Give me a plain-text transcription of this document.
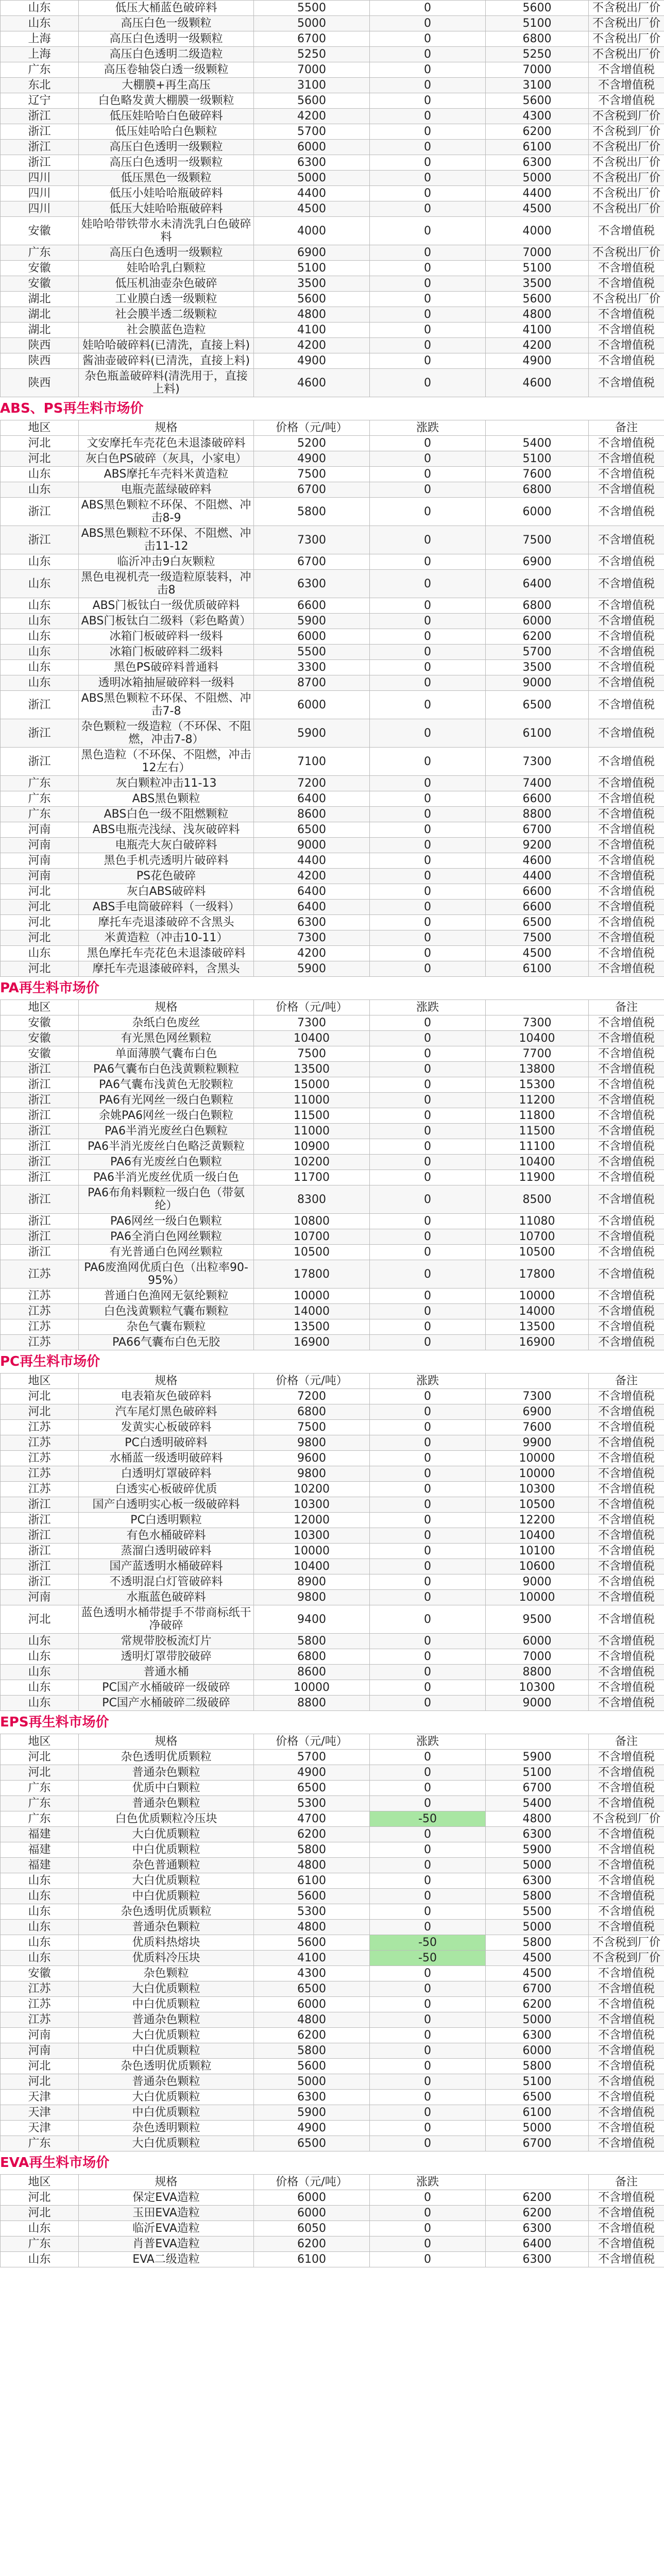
山东	低压大桶蓝色破碎料	5500	0	5600	不含税出厂价
山东	高压白色一级颗粒	5000	0	5100	不含税出厂价
上海	高压白色透明一级颗粒	6700	0	6800	不含税出厂价
上海	高压白色透明二级造粒	5250	0	5250	不含税出厂价
广东	高压卷轴袋白透一级颗粒	7000	0	7000	不含增值税
东北	大棚膜+再生高压	3100	0	3100	不含增值税
辽宁	白色略发黄大棚膜一级颗粒	5600	0	5600	不含增值税
浙江	低压娃哈哈白色破碎料	4200	0	4300	不含税到厂价
浙江	低压娃哈哈白色颗粒	5700	0	6200	不含税到厂价
浙江	高压白色透明一级颗粒	6000	0	6100	不含税出厂价
浙江	高压白色透明一级颗粒	6300	0	6300	不含税出厂价
四川	低压黑色一级颗粒	5000	0	5000	不含税出厂价
四川	低压小娃哈哈瓶破碎料	4400	0	4400	不含税出厂价
四川	低压大娃哈哈瓶破碎料	4500	0	4500	不含税出厂价
安徽	娃哈哈带铁带水未清洗乳白色破碎料	4000	0	4000	不含增值税
广东	高压白色透明一级颗粒	6900	0	7000	不含税出厂价
安徽	娃哈哈乳白颗粒	5100	0	5100	不含增值税
安徽	低压机油壶杂色破碎	3500	0	3500	不含增值税
湖北	工业膜白透一级颗粒	5600	0	5600	不含税出厂价
湖北	社会膜半透二级颗粒	4800	0	4800	不含增值税
湖北	社会膜蓝色造粒	4100	0	4100	不含增值税
陕西	娃哈哈破碎料(已清洗，直接上料)	4200	0	4200	不含增值税
陕西	酱油壶破碎料(已清洗，直接上料)	4900	0	4900	不含增值税
陕西	杂色瓶盖破碎料(清洗用于，直接上料)	4600	0	4600	不含增值税
ABS、PS再生料市场价
地区	规格	价格（元/吨）	涨跌		备注
河北	文安摩托车壳花色未退漆破碎料	5200	0	5400	不含增值税
河北	灰白色PS破碎（灰具，小家电）	4900	0	5100	不含增值税
山东	ABS摩托车壳料米黄造粒	7500	0	7600	不含增值税
山东	电瓶壳蓝绿破碎料	6700	0	6800	不含增值税
浙江	ABS黑色颗粒不环保、不阻燃、冲击8-9	5800	0	6000	不含增值税
浙江	ABS黑色颗粒不环保、不阻燃、冲击11-12	7300	0	7500	不含增值税
山东	临沂冲击9白灰颗粒	6700	0	6900	不含增值税
山东	黑色电视机壳一级造粒原装料，冲击8	6300	0	6400	不含增值税
山东	ABS门板钛白一级优质破碎料	6600	0	6800	不含增值税
山东	ABS门板钛白二级料（彩色略黄）	5900	0	6000	不含增值税
山东	冰箱门板破碎料一级料	6000	0	6200	不含增值税
山东	冰箱门板破碎料二级料	5500	0	5700	不含增值税
山东	黑色PS破碎料普通料	3300	0	3500	不含增值税
山东	透明冰箱抽屉破碎料一级料	8700	0	9000	不含增值税
浙江	ABS黑色颗粒不环保、不阻燃、冲击7-8	6000	0	6500	不含增值税
浙江	杂色颗粒一级造粒（不环保、不阻燃，冲击7-8）	5900	0	6100	不含增值税
浙江	黑色造粒（不环保、不阻燃，冲击12左右）	7100	0	7300	不含增值税
广东	灰白颗粒冲击11-13	7200	0	7400	不含增值税
广东	ABS黑色颗粒	6400	0	6600	不含增值税
广东	ABS白色一级不阻燃颗粒	8600	0	8800	不含增值税
河南	ABS电瓶壳浅绿、浅灰破碎料	6500	0	6700	不含增值税
河南	电瓶壳大灰白破碎料	9000	0	9200	不含增值税
河南	黑色手机壳透明片破碎料	4400	0	4600	不含增值税
河南	PS花色破碎	4200	0	4400	不含增值税
河北	灰白ABS破碎料	6400	0	6600	不含增值税
河北	ABS手电筒破碎料（一级料）	6400	0	6600	不含增值税
河北	摩托车壳退漆破碎不含黑头	6300	0	6500	不含增值税
河北	米黄造粒（冲击10-11）	7300	0	7500	不含增值税
山东	黑色摩托车壳花色未退漆破碎料	4200	0	4500	不含增值税
河北	摩托车壳退漆破碎料，含黑头	5900	0	6100	不含增值税
PA再生料市场价
地区	规格	价格（元/吨）	涨跌		备注
安徽	杂纸白色废丝	7300	0	7300	不含增值税
安徽	有光黑色网丝颗粒	10400	0	10400	不含增值税
安徽	单面薄膜气囊布白色	7500	0	7700	不含增值税
浙江	PA6气囊布白色浅黄颗粒颗粒	13500	0	13800	不含增值税
浙江	PA6气囊布浅黄色无胶颗粒	15000	0	15300	不含增值税
浙江	PA6有光网丝一级白色颗粒	11000	0	11200	不含增值税
浙江	余姚PA6网丝一级白色颗粒	11500	0	11800	不含增值税
浙江	PA6半消光废丝白色颗粒	11000	0	11500	不含增值税
浙江	PA6半消光废丝白色略泛黄颗粒	10900	0	11100	不含增值税
浙江	PA6有光废丝白色颗粒	10200	0	10400	不含增值税
浙江	PA6半消光废丝优质一级白色	11700	0	11900	不含增值税
浙江	PA6布角料颗粒一级白色（带氨纶）	8300	0	8500	不含增值税
浙江	PA6网丝一级白色颗粒	10800	0	11080	不含增值税
浙江	PA6全消白色网丝颗粒	10700	0	10700	不含增值税
浙江	有光普通白色网丝颗粒	10500	0	10500	不含增值税
江苏	PA6废渔网优质白色（出粒率90-95%）	17800	0	17800	不含增值税
江苏	普通白色渔网无氨纶颗粒	10000	0	10000	不含增值税
江苏	白色浅黄颗粒气囊布颗粒	14000	0	14000	不含增值税
江苏	杂色气囊布颗粒	13500	0	13500	不含增值税
江苏	PA66气囊布白色无胶	16900	0	16900	不含增值税
PC再生料市场价
地区	规格	价格（元/吨）	涨跌		备注
河北	电表箱灰色破碎料	7200	0	7300	不含增值税
河北	汽车尾灯黑色破碎料	6800	0	6900	不含增值税
江苏	发黄实心板破碎料	7500	0	7600	不含增值税
江苏	PC白透明破碎料	9800	0	9900	不含增值税
江苏	水桶蓝一级透明破碎料	9600	0	10000	不含增值税
江苏	白透明灯罩破碎料	9800	0	10000	不含增值税
江苏	白透实心板破碎优质	10200	0	10300	不含增值税
浙江	国产白透明实心板一级破碎料	10300	0	10500	不含增值税
浙江	PC白透明颗粒	12000	0	12200	不含增值税
浙江	有色水桶破碎料	10300	0	10400	不含增值税
浙江	蒸溜白透明破碎料	10000	0	10100	不含增值税
浙江	国产蓝透明水桶破碎料	10400	0	10600	不含增值税
浙江	不透明混白灯管破碎料	8900	0	9000	不含增值税
河南	水瓶蓝色破碎料	9800	0	10000	不含增值税
河北	蓝色透明水桶带提手不带商标纸干净破碎	9400	0	9500	不含增值税
山东	常规带胶板流灯片	5800	0	6000	不含增值税
山东	透明灯罩带胶破碎	6800	0	7000	不含增值税
山东	普通水桶	8600	0	8800	不含增值税
山东	PC国产水桶破碎一级破碎	10000	0	10300	不含增值税
山东	PC国产水桶破碎二级破碎	8800	0	9000	不含增值税
EPS再生料市场价
地区	规格	价格（元/吨）	涨跌		备注
河北	杂色透明优质颗粒	5700	0	5900	不含增值税
河北	普通杂色颗粒	4900	0	5100	不含增值税
广东	优质中白颗粒	6500	0	6700	不含增值税
广东	普通杂色颗粒	5300	0	5400	不含增值税
广东	白色优质颗粒冷压块	4700	-50	4800	不含税到厂价
福建	大白优质颗粒	6200	0	6300	不含增值税
福建	中白优质颗粒	5800	0	5900	不含增值税
福建	杂色普通颗粒	4800	0	5000	不含增值税
山东	大白优质颗粒	6100	0	6300	不含增值税
山东	中白优质颗粒	5600	0	5800	不含增值税
山东	杂色透明优质颗粒	5300	0	5500	不含增值税
山东	普通杂色颗粒	4800	0	5000	不含增值税
山东	优质料热熔块	5600	-50	5800	不含税到厂价
山东	优质料冷压块	4100	-50	4500	不含税到厂价
安徽	杂色颗粒	4300	0	4500	不含增值税
江苏	大白优质颗粒	6500	0	6700	不含增值税
江苏	中白优质颗粒	6000	0	6200	不含增值税
江苏	普通杂色颗粒	4800	0	5000	不含增值税
河南	大白优质颗粒	6200	0	6300	不含增值税
河南	中白优质颗粒	5800	0	6000	不含增值税
河北	杂色透明优质颗粒	5600	0	5800	不含增值税
河北	普通杂色颗粒	5000	0	5100	不含增值税
天津	大白优质颗粒	6300	0	6500	不含增值税
天津	中白优质颗粒	5900	0	6100	不含增值税
天津	杂色透明颗粒	4900	0	5000	不含增值税
广东	大白优质颗粒	6500	0	6700	不含增值税
EVA再生料市场价
地区	规格	价格（元/吨）	涨跌		备注
河北	保定EVA造粒	6000	0	6200	不含增值税
河北	玉田EVA造粒	6000	0	6200	不含增值税
山东	临沂EVA造粒	6050	0	6300	不含增值税
广东	肖普EVA造粒	6200	0	6400	不含增值税
山东	EVA二级造粒	6100	0	6300	不含增值税
